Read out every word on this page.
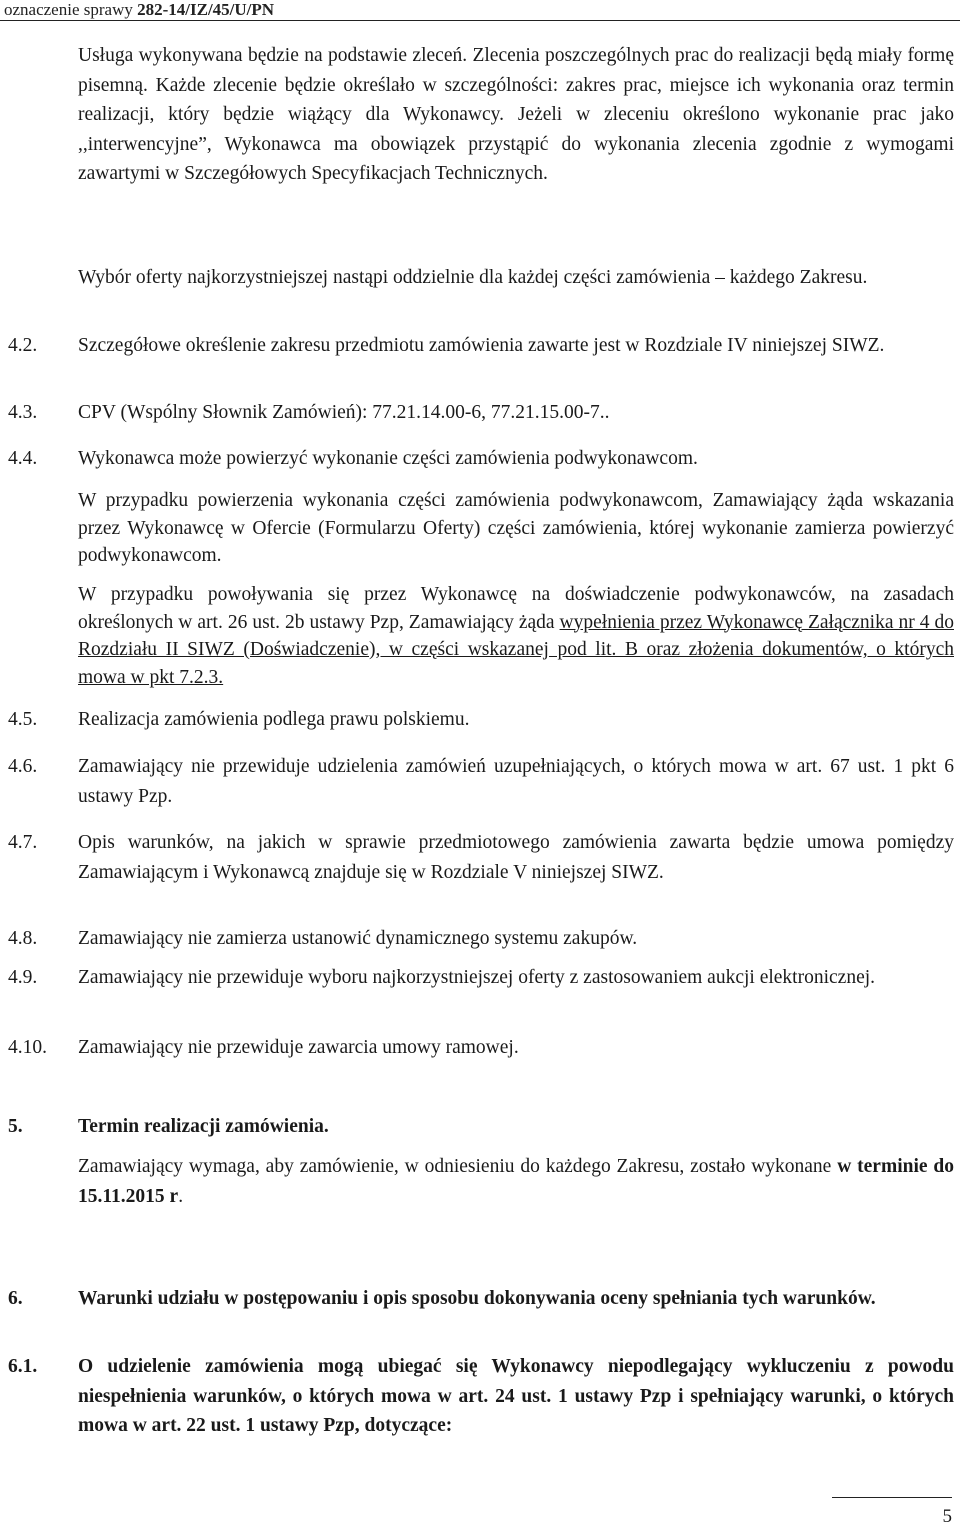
oznaczenie sprawy 282-14/IZ/45/U/PN
Usługa wykonywana będzie na podstawie zleceń. Zlecenia poszczególnych prac do realizacji będą miały formę pisemną. Każde zlecenie będzie określało w szczególności: zakres prac, miejsce ich wykonania oraz termin realizacji, który będzie wiążący dla Wykonawcy. Jeżeli w zleceniu określono wykonanie prac jako ,,interwencyjne”, Wykonawca ma obowiązek przystąpić do wykonania zlecenia zgodnie z wymogami zawartymi w Szczegółowych Specyfikacjach Technicznych.
Wybór oferty najkorzystniejszej nastąpi oddzielnie dla każdej części zamówienia – każdego Zakresu.
4.2. Szczegółowe określenie zakresu przedmiotu zamówienia zawarte jest w Rozdziale IV niniejszej SIWZ.
4.3. CPV (Wspólny Słownik Zamówień): 77.21.14.00-6, 77.21.15.00-7..
4.4. Wykonawca może powierzyć wykonanie części zamówienia podwykonawcom.
W przypadku powierzenia wykonania części zamówienia podwykonawcom, Zamawiający żąda wskazania przez Wykonawcę w Ofercie (Formularzu Oferty) części zamówienia, której wykonanie zamierza powierzyć podwykonawcom.
W przypadku powoływania się przez Wykonawcę na doświadczenie podwykonawców, na zasadach określonych w art. 26 ust. 2b ustawy Pzp, Zamawiający żąda wypełnienia przez Wykonawcę Załącznika nr 4 do Rozdziału II SIWZ (Doświadczenie), w części wskazanej pod lit. B oraz złożenia dokumentów, o których mowa w pkt 7.2.3.
4.5. Realizacja zamówienia podlega prawu polskiemu.
4.6. Zamawiający nie przewiduje udzielenia zamówień uzupełniających, o których mowa w art. 67 ust. 1 pkt 6 ustawy Pzp.
4.7. Opis warunków, na jakich w sprawie przedmiotowego zamówienia zawarta będzie umowa pomiędzy Zamawiającym i Wykonawcą znajduje się w Rozdziale V niniejszej SIWZ.
4.8. Zamawiający nie zamierza ustanowić dynamicznego systemu zakupów.
4.9. Zamawiający nie przewiduje wyboru najkorzystniejszej oferty z zastosowaniem aukcji elektronicznej.
4.10. Zamawiający nie przewiduje zawarcia umowy ramowej.
5.	Termin realizacji zamówienia.
Zamawiający wymaga, aby zamówienie, w odniesieniu do każdego Zakresu, zostało wykonane w terminie do 15.11.2015 r.
6.	Warunki udziału w postępowaniu i opis sposobu dokonywania oceny spełniania tych warunków.
6.1. O udzielenie zamówienia mogą ubiegać się Wykonawcy niepodlegający wykluczeniu z powodu niespełnienia warunków, o których mowa w art. 24 ust. 1 ustawy Pzp i spełniający warunki, o których mowa w art. 22 ust. 1 ustawy Pzp, dotyczące:
5
